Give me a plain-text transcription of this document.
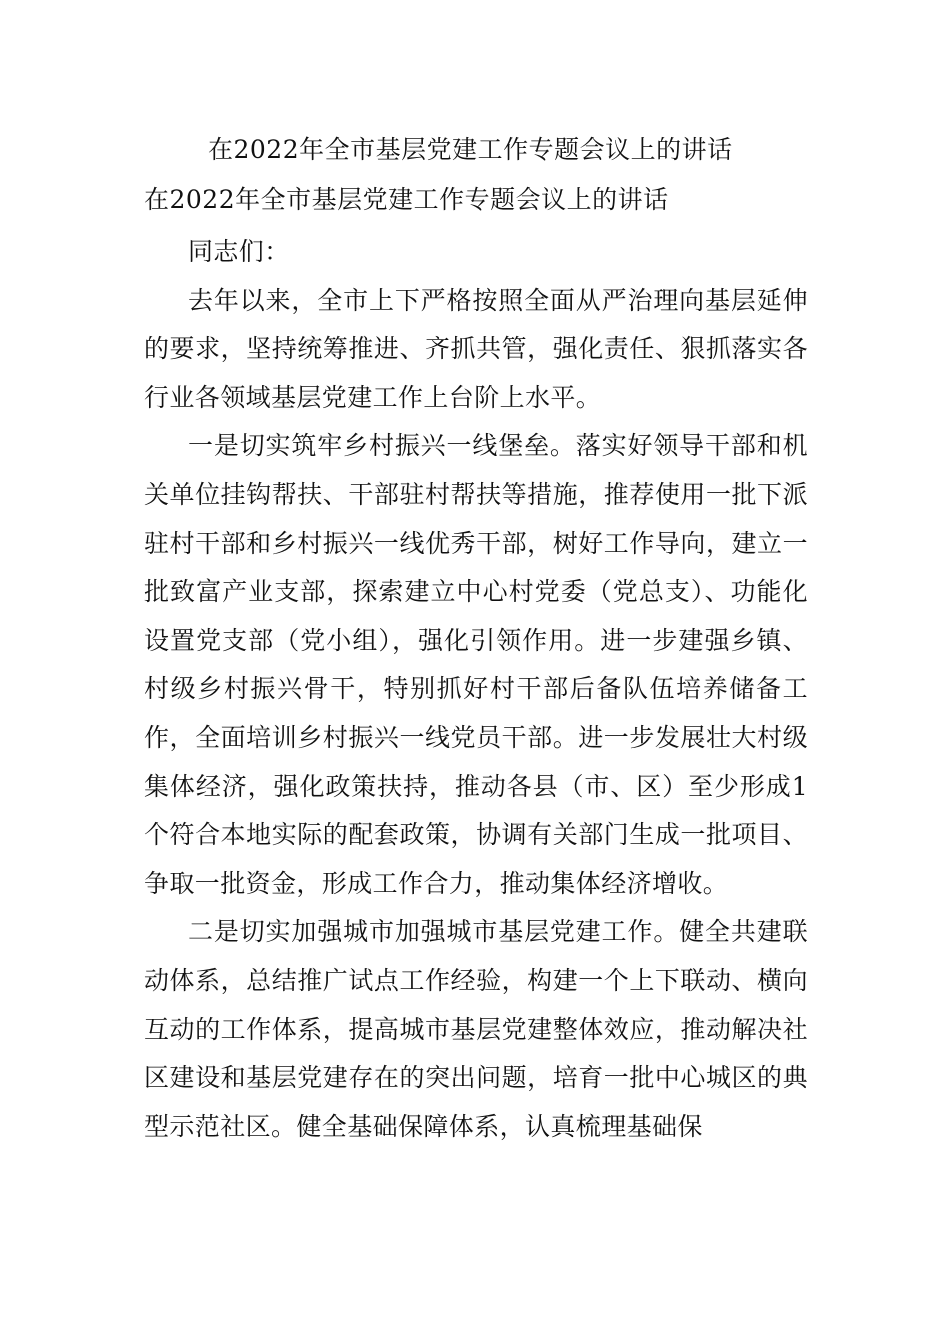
在2022年全市基层党建工作专题会议上的讲话
在2022年全市基层党建工作专题会议上的讲话

同志们：

去年以来，全市上下严格按照全面从严治理向基层延伸的要求，坚持统筹推进、齐抓共管，强化责任、狠抓落实各行业各领域基层党建工作上台阶上水平。

一是切实筑牢乡村振兴一线堡垒。落实好领导干部和机关单位挂钩帮扶、干部驻村帮扶等措施，推荐使用一批下派驻村干部和乡村振兴一线优秀干部，树好工作导向，建立一批致富产业支部，探索建立中心村党委（党总支）、功能化设置党支部（党小组），强化引领作用。进一步建强乡镇、村级乡村振兴骨干，特别抓好村干部后备队伍培养储备工作，全面培训乡村振兴一线党员干部。进一步发展壮大村级集体经济，强化政策扶持，推动各县（市、区）至少形成1个符合本地实际的配套政策，协调有关部门生成一批项目、争取一批资金，形成工作合力，推动集体经济增收。

二是切实加强城市加强城市基层党建工作。健全共建联动体系，总结推广试点工作经验，构建一个上下联动、横向互动的工作体系，提高城市基层党建整体效应，推动解决社区建设和基层党建存在的突出问题，培育一批中心城区的典型示范社区。健全基础保障体系，认真梳理基础保
